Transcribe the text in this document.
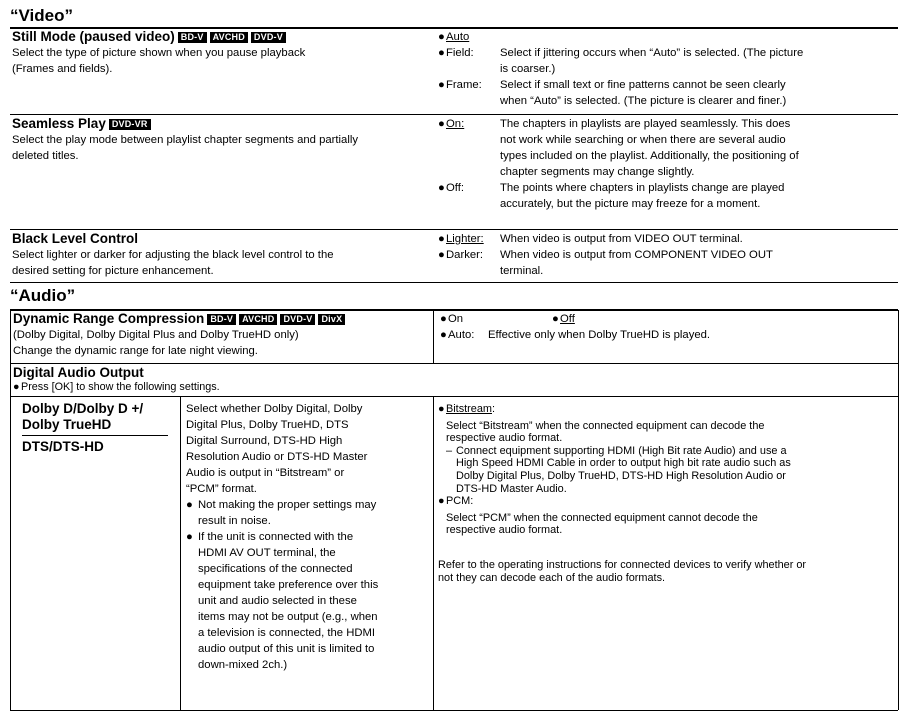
“Video”
Still Mode (paused video) BD-V AVCHD DVD-V
Select the type of picture shown when you pause playback
(Frames and fields).
●Auto
●Field: Select if jittering occurs when “Auto” is selected. (The picture
is coarser.)
●Frame: Select if small text or fine patterns cannot be seen clearly
when “Auto” is selected. (The picture is clearer and finer.)
Seamless Play DVD-VR
Select the play mode between playlist chapter segments and partially
deleted titles.
●On:	The chapters in playlists are played seamlessly. This does
not work while searching or when there are several audio
types included on the playlist. Additionally, the positioning of
chapter segments may change slightly.
●Off:	The points where chapters in playlists change are played
accurately, but the picture may freeze for a moment.
Black Level Control
Select lighter or darker for adjusting the black level control to the
desired setting for picture enhancement.
●Lighter: When video is output from VIDEO OUT terminal.
●Darker: When video is output from COMPONENT VIDEO OUT
terminal.
“Audio”
Dynamic Range Compression BD-V AVCHD DVD-V DivX
(Dolby Digital, Dolby Digital Plus and Dolby TrueHD only)
Change the dynamic range for late night viewing.
●On	●Off
●Auto: Effective only when Dolby TrueHD is played.
Digital Audio Output
●Press [OK] to show the following settings.
Dolby D/Dolby D +/
Dolby TrueHD
DTS/DTS-HD
Select whether Dolby Digital, Dolby
Digital Plus, Dolby TrueHD, DTS
Digital Surround, DTS-HD High
Resolution Audio or DTS-HD Master
Audio is output in “Bitstream” or
“PCM” format.
● Not making the proper settings may
result in noise.
● If the unit is connected with the
HDMI AV OUT terminal, the
specifications of the connected
equipment take preference over this
unit and audio selected in these
items may not be output (e.g., when
a television is connected, the HDMI
audio output of this unit is limited to
down-mixed 2ch.)
●Bitstream:
Select “Bitstream” when the connected equipment can decode the
respective audio format.
– Connect equipment supporting HDMI (High Bit rate Audio) and use a
High Speed HDMI Cable in order to output high bit rate audio such as
Dolby Digital Plus, Dolby TrueHD, DTS-HD High Resolution Audio or
DTS-HD Master Audio.
●PCM:
Select “PCM” when the connected equipment cannot decode the
respective audio format.
Refer to the operating instructions for connected devices to verify whether or
not they can decode each of the audio formats.
